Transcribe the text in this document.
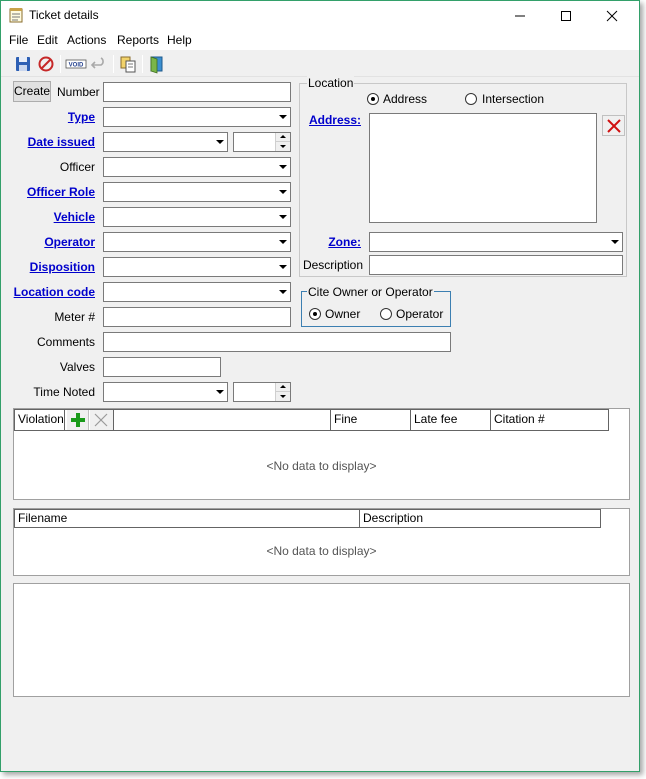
Ticket details
File Edit Actions Reports Help
VOID
Create Number
Type
Date issued
Officer
Officer Role
Vehicle
Operator
Disposition
Location code
Meter #
Comments
Valves
Time Noted
Location
Address	Intersection
Address:
Zone:
Description
Cite Owner or Operator
Owner	Operator
Violation	Fine	Late fee	Citation #
<No data to display>
Filename	Description
<No data to display>
